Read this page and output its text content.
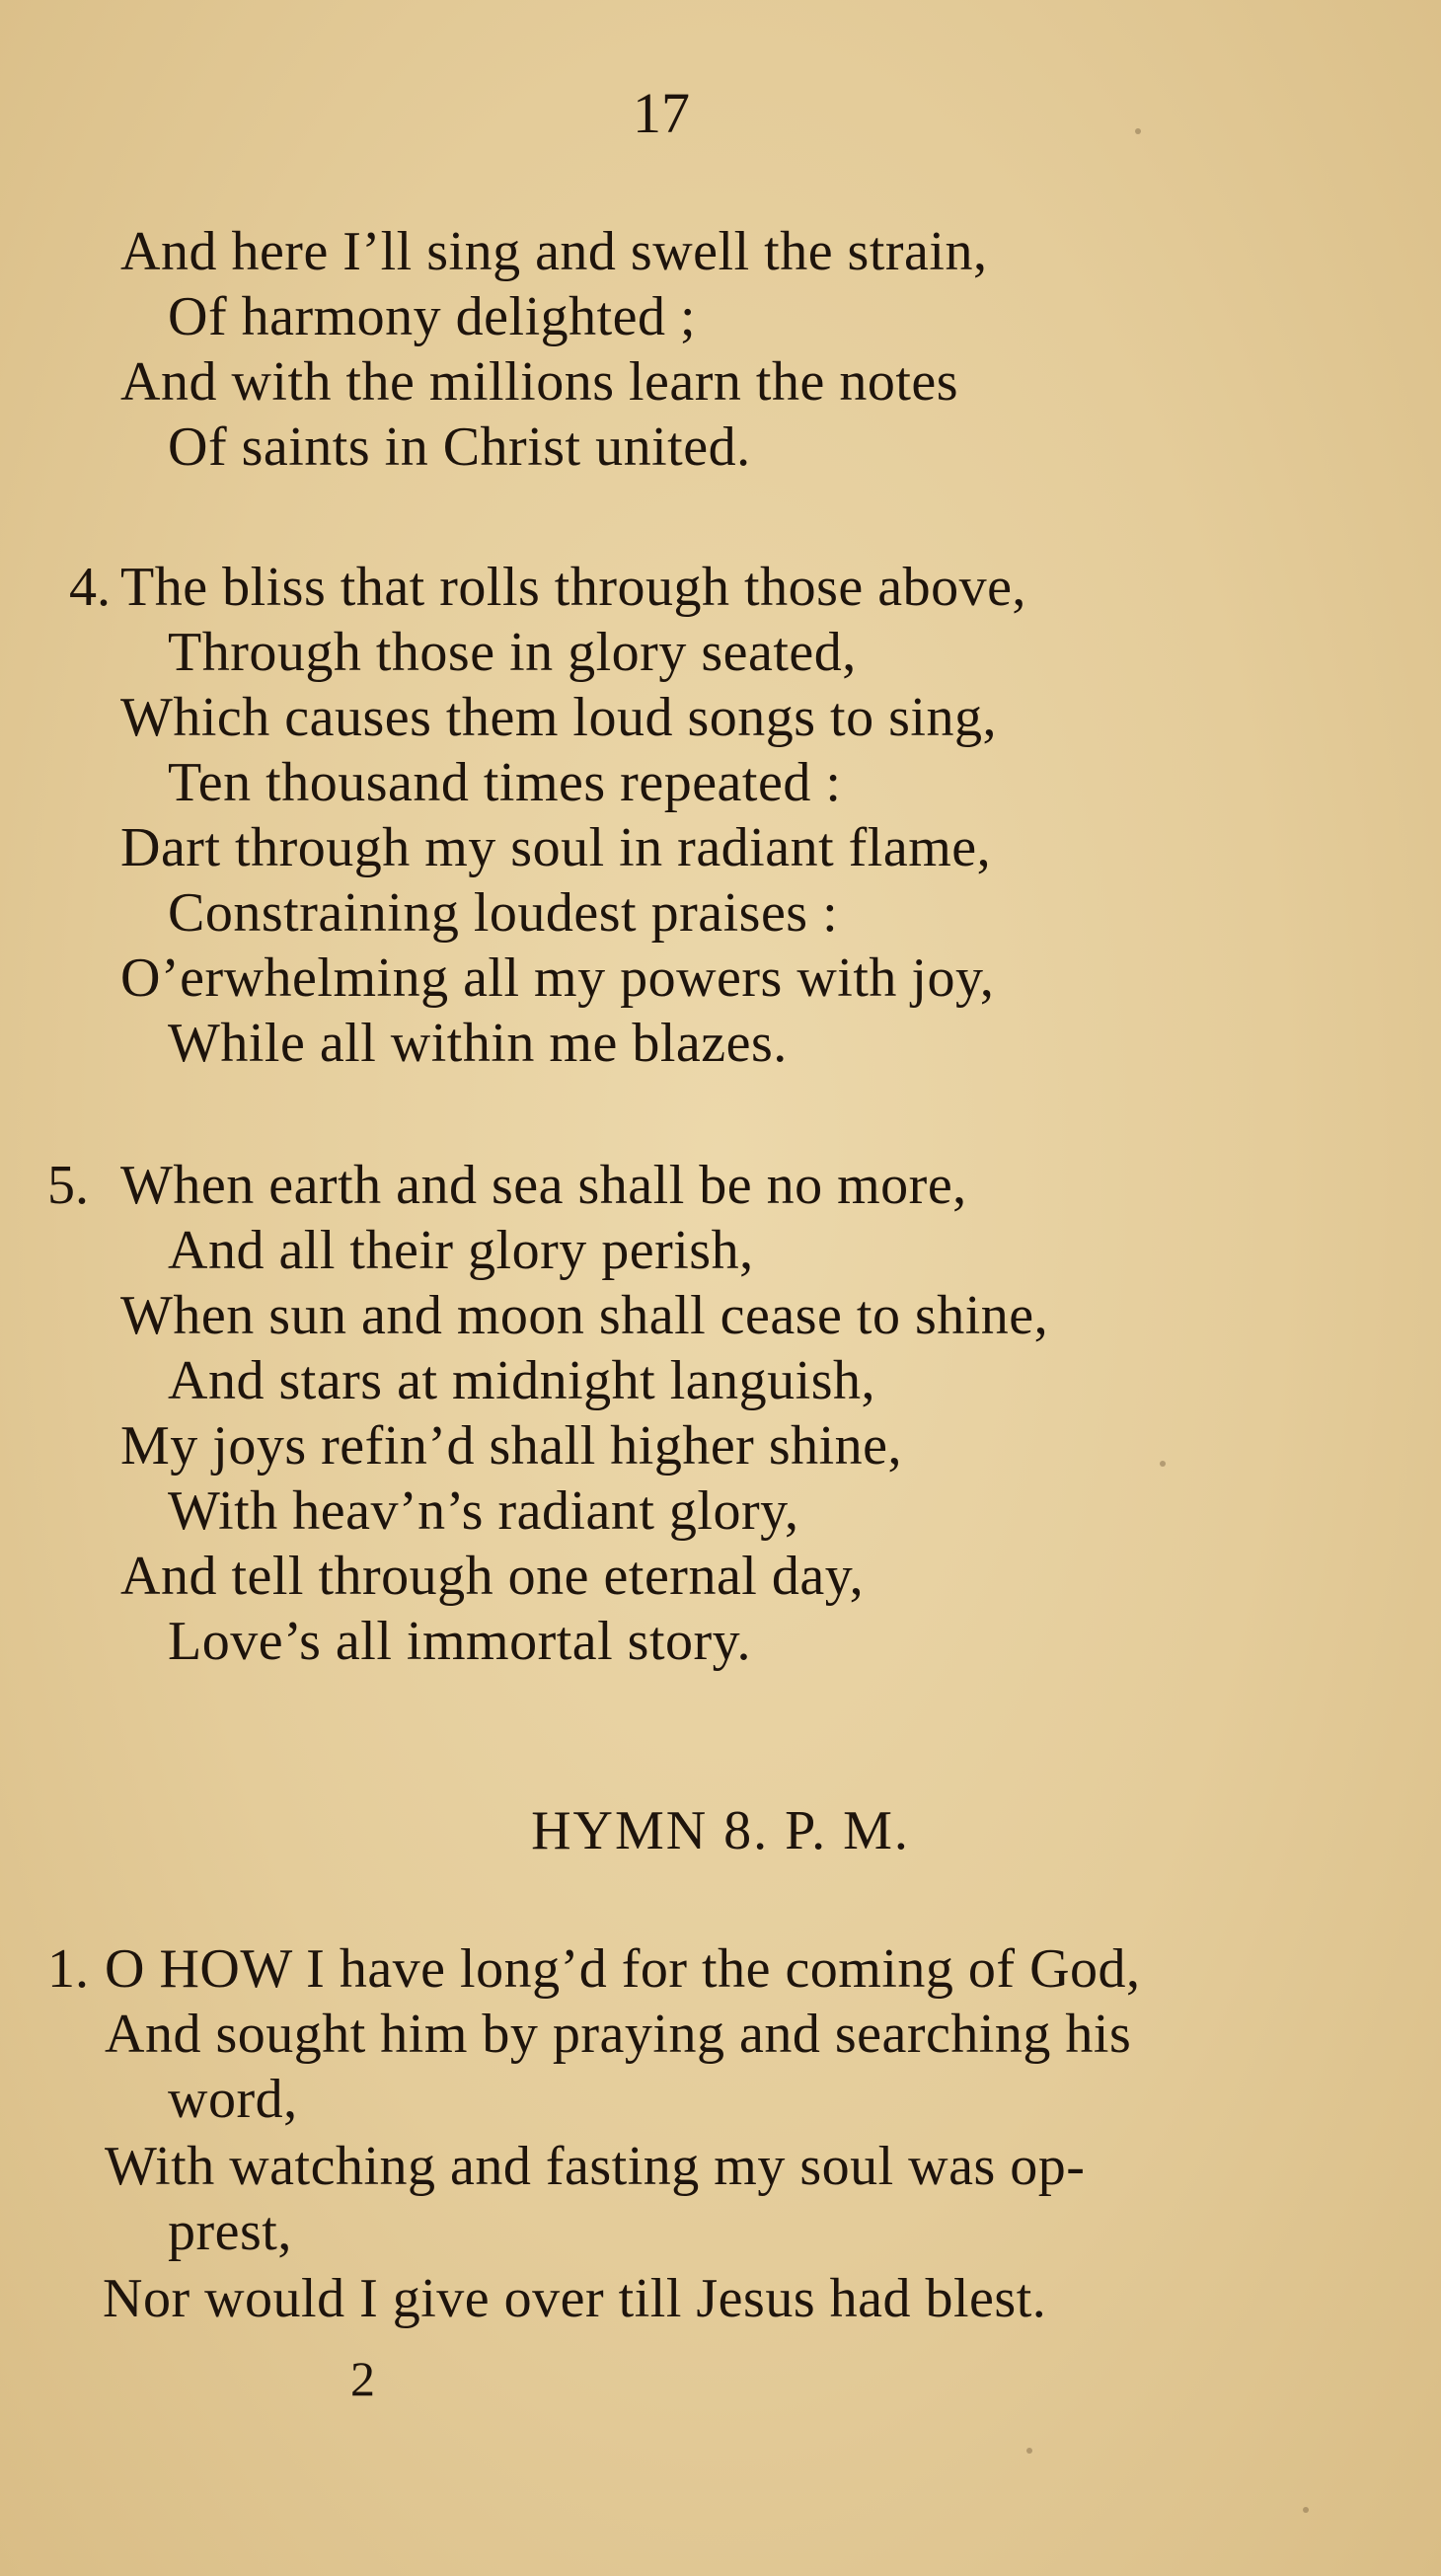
17
And here I’ll sing and swell the strain,
Of harmony delighted ;
And with the millions learn the notes
Of saints in Christ united.
4. The bliss that rolls through those above,
Through those in glory seated,
Which causes them loud songs to sing,
Ten thousand times repeated :
Dart through my soul in radiant flame,
Constraining loudest praises :
O’erwhelming all my powers with joy,
While all within me blazes.
5. When earth and sea shall be no more,
And all their glory perish,
When sun and moon shall cease to shine,
And stars at midnight languish,
My joys refin’d shall higher shine,
With heav’n’s radiant glory,
And tell through one eternal day,
Love’s all immortal story.
HYMN 8. P. M.
1. O HOW I have long’d for the coming of God,
And sought him by praying and searching his
word,
With watching and fasting my soul was op-
prest,
Nor would I give over till Jesus had blest.
2
